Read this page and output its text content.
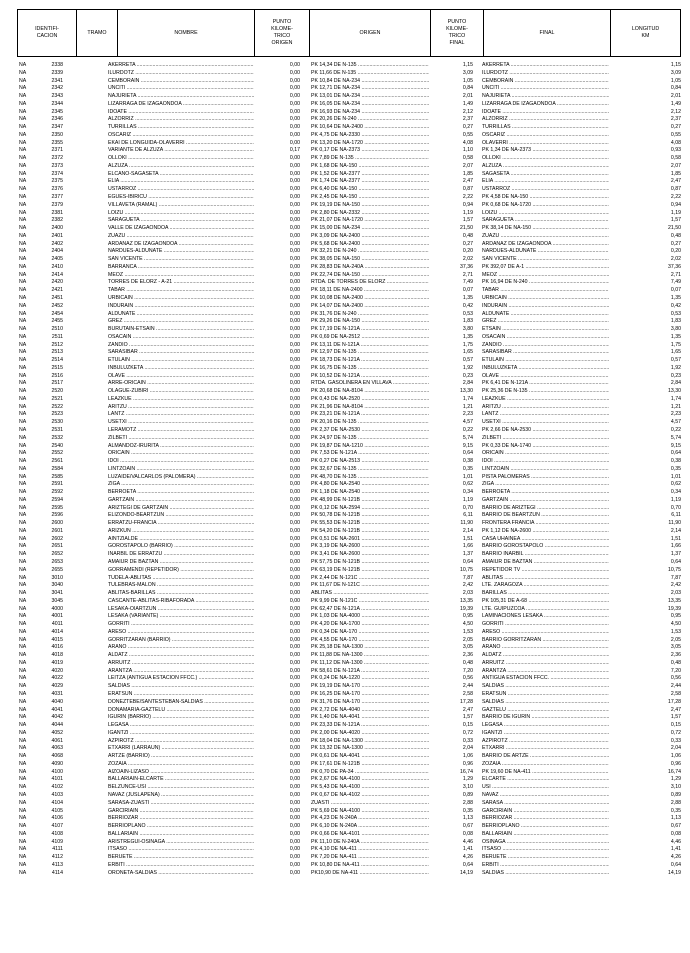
IDENTIFI-
CACION
TRAMO	NOMBRE
PUNTO
KILOME-
TRICO
ORIGEN
ORIGEN
PUNTO
KILOME-
TRICO
FINAL
FINAL
LONGITUD
KM
NA	2338	AKERRETA .....	0,00 PK 14,34 DE N-135 .....	1,15 AKERRETA .....	1,15
NA	2339	ILURDOTZ .....	0,00 PK 11,66 DE N-135 .....	3,09 ILURDOTZ .....	3,09
NA	2341	CEMBORAIN .....	0,00 PK 10,84 DE NA-234 .....	1,05 CEMBORAIN .....	1,05
NA	2342	UNCITI .....	0,00 PK 12,71 DE NA-234 .....	0,84 UNCITI .....	0,84
NA	2343	NAJURIETA .....	0,00 PK 13,01 DE NA-234 .....	2,01 NAJURIETA .....	2,01
NA	2344	LIZARRAGA DE IZAGAONDOA .....	0,00 PK 16,05 DE NA-234 .....	1,49 LIZARRAGA DE IZAGAONDOA .....	1,49
NA	2345	IDOATE .....	0,00 PK 16,93 DE NA-234 .....	2,12 IDOATE .....	2,12
NA	2346	ALZORRIZ .....	0,00 PK 20,26 DE N-240 .....	2,37 ALZORRIZ .....	2,37
NA	2347	TURRILLAS .....	0,00 PK 10,64 DE NA-2400 .....	0,27 TURRILLAS .....	0,27
NA	2350	OSCARIZ .....	0,00 PK 4,75 DE NA-2330 .....	0,55 OSCARIZ .....	0,55
NA	2355	EKAI DE LONGUIDA-OLAVERRI .....	0,00 PK 13,20 DE NA-1720 .....	4,08 OLAVERRI .....	4,08
NA	2371	VARIANTE DE ALZUZA .....	0,17 PK 0,17 DE NA-2373 .....	1,10 PK 1,34 DE NA-2373 .....	0,93
NA	2372	OLLOKI .....	0,00 PK 7,89 DE N-135 .....	0,58 OLLOKI .....	0,58
NA	2373	ALZUZA .....	0,00 PK 1,68 DE NA-150 .....	2,07 ALZUZA .....	2,07
NA	2374	ELCANO-SAGASETA .....	0,00 PK 1,52 DE NA-2377 .....	1,85 SAGASETA .....	1,85
NA	2375	ELIA .....	0,00 PK 1,74 DE NA-2377 .....	2,47 ELIA .....	2,47
NA	2376	USTARROZ .....	0,00 PK 6,40 DE NA-150 .....	0,87 USTARROZ .....	0,87
NA	2377	EGUES-IBIRICU .....	0,00 PK 2,45 DE NA-150 .....	2,22 PK 4,58 DE NA-150 .....	2,22
NA	2379	VILLAVETA (RAMAL) .....	0,00 PK 19,19 DE NA-150 .....	0,94 PK 0,68 DE NA-1720 .....	0,94
NA	2381	LOIZU .....	0,00 PK 2,80 DE NA-2332 .....	1,19 LOIZU .....	1,19
NA	2382	SARAGÜETA .....	0,00 PK 21,07 DE NA-1720 .....	1,57 SARAGÜETA .....	1,57
NA	2400	VALLE DE IZAGAONDOA .....	0,00 PK 15,00 DE NA-234 .....	21,50 PK 38,14 DE NA-150 .....	21,50
NA	2401	ZUAZU .....	0,00 PK 3,09 DE NA-2400 .....	0,48 ZUAZU .....	0,48
NA	2402	ARDANAZ DE IZAGAONDOA .....	0,00 PK 5,68 DE NA-2400 .....	0,27 ARDANAZ DE IZAGAONDOA .....	0,27
NA	2404	NARDUES-ALDUNATE .....	0,00 PK 32,21 DE N-240 .....	0,20 NARDUES-ALDUNATE .....	0,20
NA	2405	SAN VICENTE .....	0,00 PK 38,05 DE NA-150 .....	2,02 SAN VICENTE .....	2,02
NA	2410	BARRANCA .....	0,00 PK 28,83 DE NA-240A .....	37,36 PK 392,07 DE A-1 .....	37,36
NA	2414	MEOZ .....	0,00 PK 22,74 DE NA-150 .....	2,71 MEOZ .....	2,71
NA	2420	TORRES DE ELORZ - A-21 .....	0,00 RTDA. DE TORRES DE ELORZ .....	7,49 PK 16,94 DE N-240 .....	7,49
NA	2421	TABAR .....	0,00 PK 18,11 DE NA-2400 .....	0,07 TABAR .....	0,07
NA	2451	URBICAIN .....	0,00 PK 10,08 DE NA-2400 .....	1,35 URBICAIN .....	1,35
NA	2452	INDURAIN .....	0,00 PK 14,07 DE NA-2400 .....	0,42 INDURAIN .....	0,42
NA	2454	ALDUNATE .....	0,00 PK 31,76 DE N-240 .....	0,53 ALDUNATE .....	0,53
NA	2455	GREZ .....	0,00 PK 29,26 DE NA-150 .....	1,83 GREZ .....	1,83
NA	2510	BURUTAIN-ETSAIN .....	0,00 PK 17,19 DE N-121A .....	3,80 ETSAIN .....	3,80
NA	2511	OSACAIN .....	0,00 PK 0,69 DE NA-2512 .....	1,35 OSACAIN .....	1,35
NA	2512	ZANDIO .....	0,00 PK 13,11 DE N-121A .....	1,75 ZANDIO .....	1,75
NA	2513	SARASIBAR .....	0,00 PK 12,97 DE N-135 .....	1,65 SARASIBAR .....	1,65
NA	2514	ETULAIN .....	0,00 PK 18,73 DE N-121A .....	0,57 ETULAIN .....	0,57
NA	2515	INBULUZKETA .....	0,00 PK 16,75 DE N-135 .....	1,92 INBULUZKETA .....	1,92
NA	2516	OLAVE .....	0,00 PK 10,52 DE N-121A .....	0,23 OLAVE .....	0,23
NA	2517	ARRE-ORICAIN .....	0,00 RTDA. GASOLINERA EN VILLAVA .....	2,84 PK 6,41 DE N-121A .....	2,84
NA	2520	OLAGÜE-ZUBIRI .....	0,00 PK 20,68 DE NA-8104 .....	13,30 PK 25,36 DE N-135 .....	13,30
NA	2521	LEAZKUE .....	0,00 PK 0,43 DE NA-2520 .....	1,74 LEAZKUE .....	1,74
NA	2522	ARITZU .....	0,00 PK 21,96 DE NA-8104 .....	1,21 ARITZU .....	1,21
NA	2523	LANTZ .....	0,00 PK 23,21 DE N-121A .....	2,23 LANTZ .....	2,23
NA	2530	USETXI .....	0,00 PK 20,16 DE N-135 .....	4,57 USETXI .....	4,57
NA	2531	LERAMOTZ .....	0,00 PK 2,37 DE NA-2530 .....	0,22 PK 2,66 DE NA-2530 .....	0,22
NA	2532	ZILBETI .....	0,00 PK 24,97 DE N-135 .....	5,74 ZILBETI .....	5,74
NA	2540	ALMANDOZ-IRURITA .....	0,00 PK 19,87 DE NA-1210 .....	9,15 PK 0,33 DE NA-1740 .....	9,15
NA	2552	ORICAIN .....	0,00 PK 7,53 DE N-121A .....	0,64 ORICAIN .....	0,64
NA	2561	IDOI .....	0,00 PK 0,27 DE NA-2513 .....	0,38 IDOI .....	0,38
NA	2584	LINTZOAIN .....	0,00 PK 32,67 DE N-135 .....	0,35 LINTZOAIN .....	0,35
NA	2585	LUZAIDE/VALCARLOS (PALOMERA) .....	0,00 PK 48,70 DE N-135 .....	1,01 PISTA PALOMERAS .....	1,01
NA	2591	ZIGA .....	0,00 PK 4,80 DE NA-2540 .....	0,62 ZIGA .....	0,62
NA	2592	BERROETA .....	0,00 PK 1,18 DE NA-2540 .....	0,34 BERROETA .....	0,34
NA	2594	GARTZAIN .....	0,00 PK 48,99 DE N-121B .....	1,19 GARTZAIN .....	1,19
NA	2595	ARIZTEGI DE GARTZAIN .....	0,00 PK 0,12 DE NA-2594 .....	0,70 BARRIO DE ARIZTEGI .....	0,70
NA	2596	ELIZONDO-BEARTZUN .....	0,00 PK 50,78 DE N-121B .....	6,11 BARRIO DE BEARTZUN .....	6,11
NA	2600	ERRATZU-FRANCIA .....	0,00 PK 55,53 DE N-121B .....	11,90 FRONTERA FRANCIA .....	11,90
NA	2601	ARIZKUN .....	0,00 PK 54,20 DE N-121B .....	2,14 PK 1,12 DE NA-2600 .....	2,14
NA	2602	AINTZIALDE .....	0,00 PK 0,51 DE NA-2601 .....	1,51 CASA UHAINEA .....	1,51
NA	2651	GOROSTAPOLO (BARRIO) .....	0,00 PK 3,19 DE NA-2600 .....	1,66 BARRIO GOROSTAPOLO .....	1,66
NA	2652	IÑARBIL DE ERRATZU .....	0,00 PK 3,41 DE NA-2600 .....	1,37 BARRIO IÑARBIL .....	1,37
NA	2653	AMAIUR DE BAZTAN .....	0,00 PK 57,75 DE N-121B .....	0,64 AMAIUR DE BAZTAN .....	0,64
NA	2655	GORRAMENDI (REPETIDOR) .....	0,00 PK 63,19 DE N-121B .....	10,75 REPETIDOR TV .....	10,75
NA	3010	TUDELA-ABLITAS .....	0,00 PK 2,44 DE N-121C .....	7,87 ABLITAS .....	7,87
NA	3040	TULEBRAS-MALON .....	0,00 PK 11,67 DE N-121C .....	2,42 LTE. ZARAGOZA .....	2,42
NA	3041	ABLITAS-BARILLAS .....	0,00 ABLITAS .....	2,03 BARILLAS .....	2,03
NA	3045	CASCANTE-ABLITAS-RIBAFORADA .....	0,00 PK 9,99 DE N-121C .....	13,35 PK 105,31 DE A-68 .....	13,35
NA	4000	LESAKA-OIARTZUN .....	0,00 PK 62,47 DE N-121A .....	19,39 LTE. GUIPUZCOA .....	19,39
NA	4001	LESAKA (VARIANTE) .....	0,00 PK 1,03 DE NA-4000 .....	0,95 LAMINACIONES LESAKA .....	0,95
NA	4011	GORRITI .....	0,00 PK 4,20 DE NA-1700 .....	4,50 GORRITI .....	4,50
NA	4014	ARESO .....	0,00 PK 0,34 DE NA-170 .....	1,53 ARESO .....	1,53
NA	4015	GORRITZARAN (BARRIO) .....	0,00 PK 4,55 DE NA-170 .....	2,05 BARRIO GORRITZARAN .....	2,05
NA	4016	ARANO .....	0,00 PK 25,18 DE NA-1300 .....	3,05 ARANO .....	3,05
NA	4018	ALDATZ .....	0,00 PK 11,88 DE NA-1300 .....	2,36 ALDATZ .....	2,36
NA	4019	ARRUITZ .....	0,00 PK 11,12 DE NA-1300 .....	0,48 ARRUITZ .....	0,48
NA	4020	ARANTZA .....	0,00 PK 58,61 DE N-121A .....	7,20 ARANTZA .....	7,20
NA	4022	LEITZA (ANTIGUA ESTACION FFCC.) .....	0,00 PK 0,24 DE NA-1220 .....	0,56 ANTIGUA ESTACION FFCC. .....	0,56
NA	4029	SALDIAS .....	0,00 PK 19,19 DE NA-170 .....	2,44 SALDIAS .....	2,44
NA	4031	ERATSUN .....	0,00 PK 16,25 DE NA-170 .....	2,58 ERATSUN .....	2,58
NA	4040	DONEZTEBE/SANTESTEBAN-SALDIAS .....	0,00 PK 31,76 DE NA-170 .....	17,28 SALDIAS .....	17,28
NA	4041	DONAMARIA-GAZTELU .....	0,00 PK 2,72 DE NA-4040 .....	2,47 GAZTELU .....	2,47
NA	4042	IGURIN (BARRIO) .....	0,00 PK 1,40 DE NA-4041 .....	1,57 BARRIO DE IGURIN .....	1,57
NA	4044	LEGASA .....	0,00 PK 23,33 DE N-121A .....	0,15 LEGASA .....	0,15
NA	4052	IGANTZI .....	0,00 PK 2,00 DE NA-4020 .....	0,72 IGANTZI .....	0,72
NA	4061	AZPIROTZ .....	0,00 PK 18,04 DE NA-1300 .....	0,33 AZPIROTZ .....	0,33
NA	4063	ETXARRI (LARRAUN) .....	0,00 PK 13,32 DE NA-1300 .....	2,04 ETXARRI .....	2,04
NA	4068	ARTZE (BARRIO) .....	0,00 PK 0,61 DE NA-4041 .....	1,06 BARRIO DE ARTZE .....	1,06
NA	4090	ZOZAIA .....	0,00 PK 17,61 DE N-121B .....	0,96 ZOZAIA .....	0,96
NA	4100	AIZOAIN-LIZASO .....	0,00 PK 0,70 DE PA-34 .....	16,74 PK 19,60 DE NA-411 .....	16,74
NA	4101	BALLARIAIN-ELCARTE .....	0,00 PK 2,67 DE NA-4100 .....	1,29 ELCARTE .....	1,29
NA	4102	BELZUNCE-USI .....	0,00 PK 5,43 DE NA-4100 .....	3,10 USI .....	3,10
NA	4103	NAVAZ (JUSLAPEÑA) .....	0,00 PK 0,67 DE NA-4102 .....	0,89 NAVAZ .....	0,89
NA	4104	SARASA-ZUASTI .....	0,00 ZUASTI .....	2,88 SARASA .....	2,88
NA	4105	GARCIRIAIN .....	0,00 PK 5,69 DE NA-4100 .....	0,35 GARCIRIAIN .....	0,35
NA	4106	BERRIOZAR .....	0,00 PK 4,23 DE N-240A .....	1,13 BERRIOZAR .....	1,13
NA	4107	BERRIOPLANO .....	0,00 PK 6,10 DE N-240A .....	0,67 BERRIOPLANO .....	0,67
NA	4108	BALLARIAIN .....	0,00 PK 0,66 DE NA-4101 .....	0,08 BALLARIAIN .....	0,08
NA	4109	ARISTREGUI-OSINAGA .....	0,00 PK 11,10 DE N-240A .....	4,46 OSINAGA .....	4,46
NA	4111	ITSASO .....	0,00 PK 4,10 DE NA-411 .....	1,41 ITSASO .....	1,41
NA	4112	BERUETE .....	0,00 PK 7,20 DE NA-411 .....	4,26 BERUETE .....	4,26
NA	4113	ERBITI .....	0,00 PK 10,80 DE NA-411 .....	0,64 ERBITI .....	0,64
NA	4114	ORONETA-SALDIAS .....	0,00 PK10,90 DE NA-411 .....	14,19 SALDIAS .....	14,19
